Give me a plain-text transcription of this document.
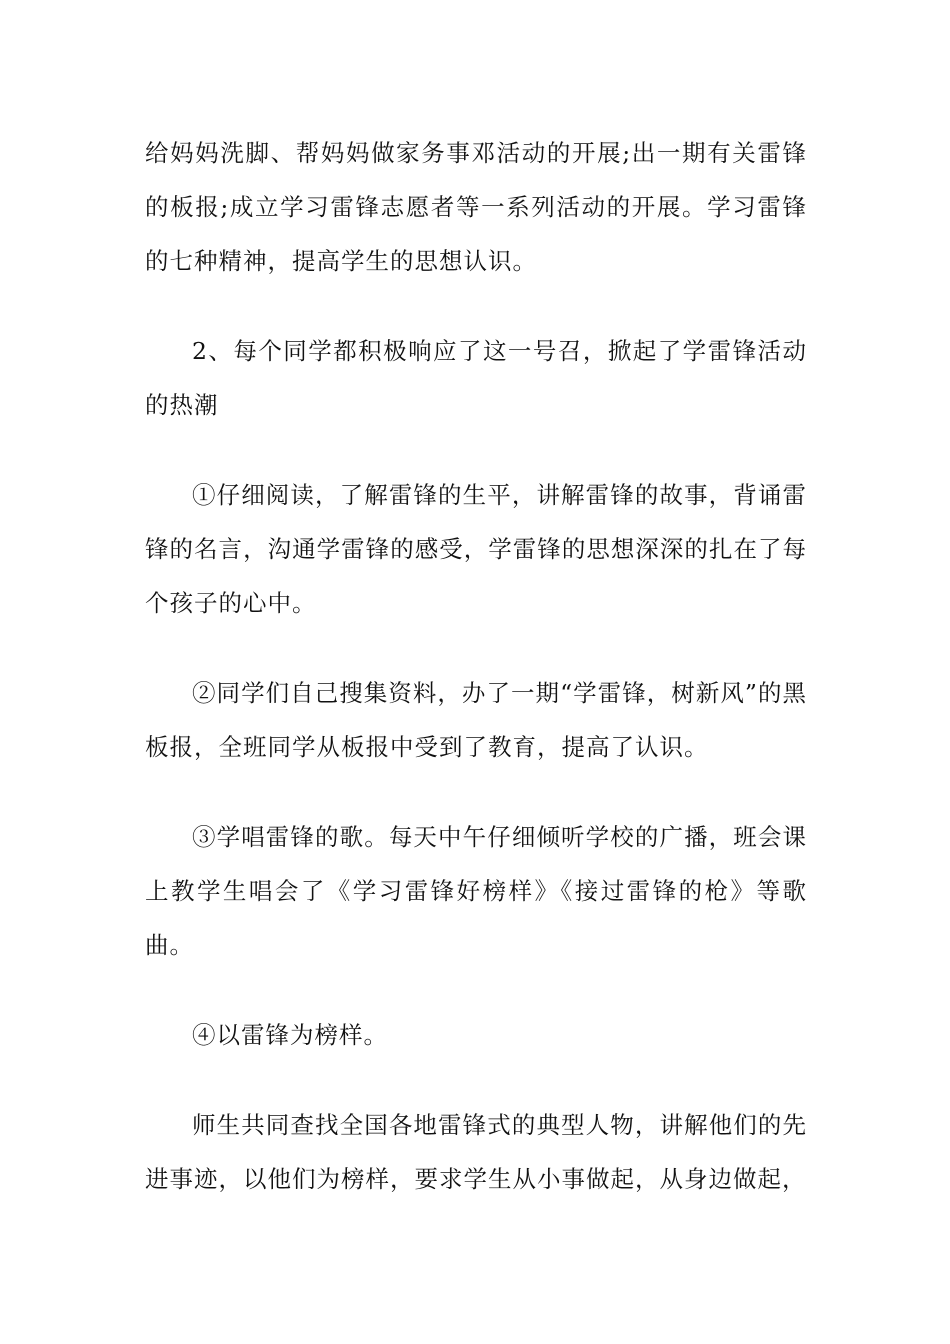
给妈妈洗脚、帮妈妈做家务事邓活动的开展;出一期有关雷锋的板报;成立学习雷锋志愿者等一系列活动的开展。学习雷锋的七种精神，提高学生的思想认识。

2、每个同学都积极响应了这一号召，掀起了学雷锋活动的热潮

①仔细阅读，了解雷锋的生平，讲解雷锋的故事，背诵雷锋的名言，沟通学雷锋的感受，学雷锋的思想深深的扎在了每个孩子的心中。

②同学们自己搜集资料，办了一期“学雷锋，树新风”的黑板报，全班同学从板报中受到了教育，提高了认识。

③学唱雷锋的歌。每天中午仔细倾听学校的广播，班会课上教学生唱会了《学习雷锋好榜样》《接过雷锋的枪》等歌曲。

④以雷锋为榜样。

师生共同查找全国各地雷锋式的典型人物，讲解他们的先进事迹，以他们为榜样，要求学生从小事做起，从身边做起，
